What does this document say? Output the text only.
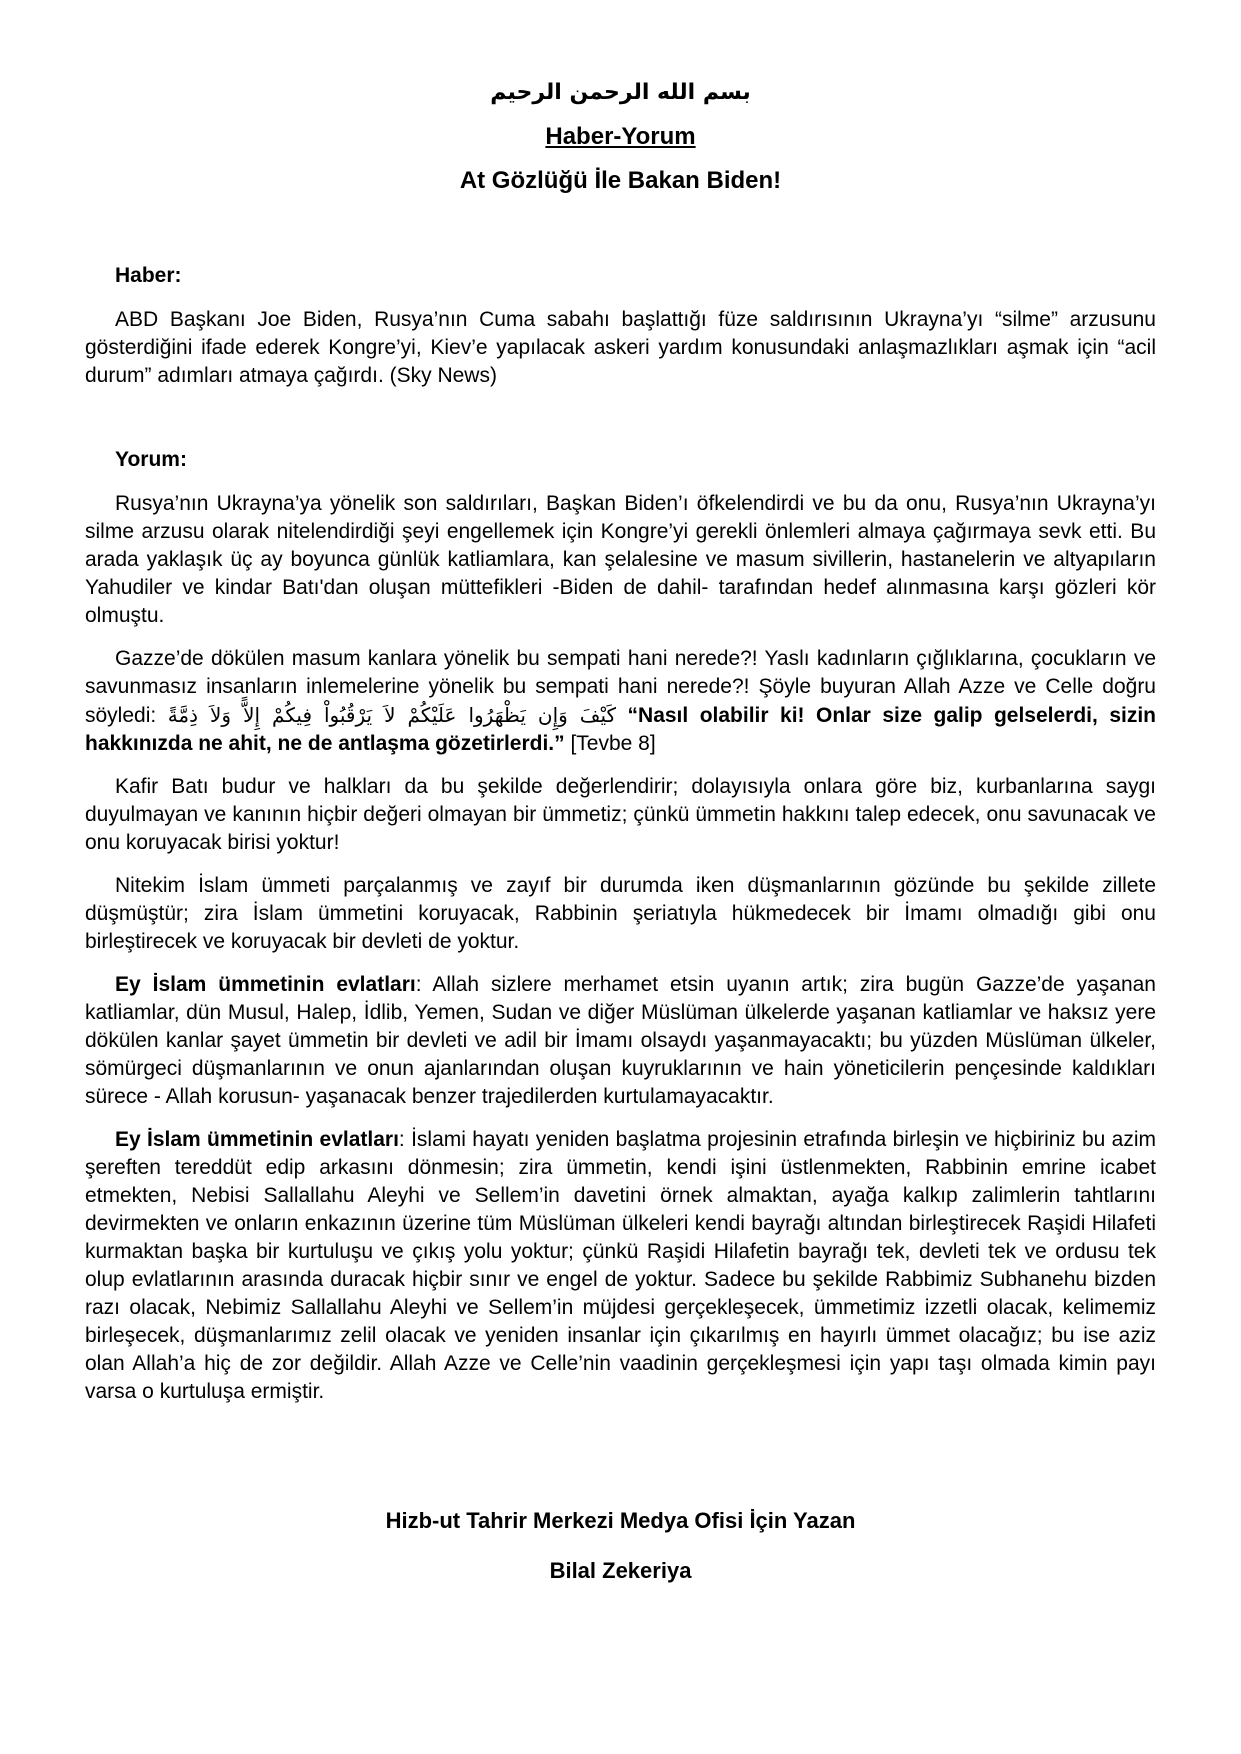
بسم الله الرحمن الرحيم
Haber-Yorum
At Gözlüğü İle Bakan Biden!
Haber:

ABD Başkanı Joe Biden, Rusya’nın Cuma sabahı başlattığı füze saldırısının Ukrayna’yı “silme” arzusunu gösterdiğini ifade ederek Kongre’yi, Kiev’e yapılacak askeri yardım konusundaki anlaşmazlıkları aşmak için “acil durum” adımları atmaya çağırdı. (Sky News)

Yorum:

Rusya’nın Ukrayna’ya yönelik son saldırıları, Başkan Biden’ı öfkelendirdi ve bu da onu, Rusya’nın Ukrayna’yı silme arzusu olarak nitelendirdiği şeyi engellemek için Kongre’yi gerekli önlemleri almaya çağırmaya sevk etti. Bu arada yaklaşık üç ay boyunca günlük katliamlara, kan şelalesine ve masum sivillerin, hastanelerin ve altyapıların Yahudiler ve kindar Batı'dan oluşan müttefikleri -Biden de dahil- tarafından hedef alınmasına karşı gözleri kör olmuştu.

Gazze’de dökülen masum kanlara yönelik bu sempati hani nerede?! Yaslı kadınların çığlıklarına, çocukların ve savunmasız insanların inlemelerine yönelik bu sempati hani nerede?! Şöyle buyuran Allah Azze ve Celle doğru söyledi: كَيْفَ وَإِن يَظْهَرُوا عَلَيْكُمْ لاَ يَرْقُبُواْ فِيكُمْ إِلاًّ وَلاَ ذِمَّةً “Nasıl olabilir ki! Onlar size galip gelselerdi, sizin hakkınızda ne ahit, ne de antlaşma gözetirlerdi.” [Tevbe 8]

Kafir Batı budur ve halkları da bu şekilde değerlendirir; dolayısıyla onlara göre biz, kurbanlarına saygı duyulmayan ve kanının hiçbir değeri olmayan bir ümmetiz; çünkü ümmetin hakkını talep edecek, onu savunacak ve onu koruyacak birisi yoktur!

Nitekim İslam ümmeti parçalanmış ve zayıf bir durumda iken düşmanlarının gözünde bu şekilde zillete düşmüştür; zira İslam ümmetini koruyacak, Rabbinin şeriatıyla hükmedecek bir İmamı olmadığı gibi onu birleştirecek ve koruyacak bir devleti de yoktur.

Ey İslam ümmetinin evlatları: Allah sizlere merhamet etsin uyanın artık; zira bugün Gazze’de yaşanan katliamlar, dün Musul, Halep, İdlib, Yemen, Sudan ve diğer Müslüman ülkelerde yaşanan katliamlar ve haksız yere dökülen kanlar şayet ümmetin bir devleti ve adil bir İmamı olsaydı yaşanmayacaktı; bu yüzden Müslüman ülkeler, sömürgeci düşmanlarının ve onun ajanlarından oluşan kuyruklarının ve hain yöneticilerin pençesinde kaldıkları sürece - Allah korusun- yaşanacak benzer trajedilerden kurtulamayacaktır.

Ey İslam ümmetinin evlatları: İslami hayatı yeniden başlatma projesinin etrafında birleşin ve hiçbiriniz bu azim şereften tereddüt edip arkasını dönmesin; zira ümmetin, kendi işini üstlenmekten, Rabbinin emrine icabet etmekten, Nebisi Sallallahu Aleyhi ve Sellem’in davetini örnek almaktan, ayağa kalkıp zalimlerin tahtlarını devirmekten ve onların enkazının üzerine tüm Müslüman ülkeleri kendi bayrağı altından birleştirecek Raşidi Hilafeti kurmaktan başka bir kurtuluşu ve çıkış yolu yoktur; çünkü Raşidi Hilafetin bayrağı tek, devleti tek ve ordusu tek olup evlatlarının arasında duracak hiçbir sınır ve engel de yoktur. Sadece bu şekilde Rabbimiz Subhanehu bizden razı olacak, Nebimiz Sallallahu Aleyhi ve Sellem’in müjdesi gerçekleşecek, ümmetimiz izzetli olacak, kelimemiz birleşecek, düşmanlarımız zelil olacak ve yeniden insanlar için çıkarılmış en hayırlı ümmet olacağız; bu ise aziz olan Allah’a hiç de zor değildir. Allah Azze ve Celle’nin vaadinin gerçekleşmesi için yapı taşı olmada kimin payı varsa o kurtuluşa ermiştir.

Hizb-ut Tahrir Merkezi Medya Ofisi İçin Yazan
Bilal Zekeriya
